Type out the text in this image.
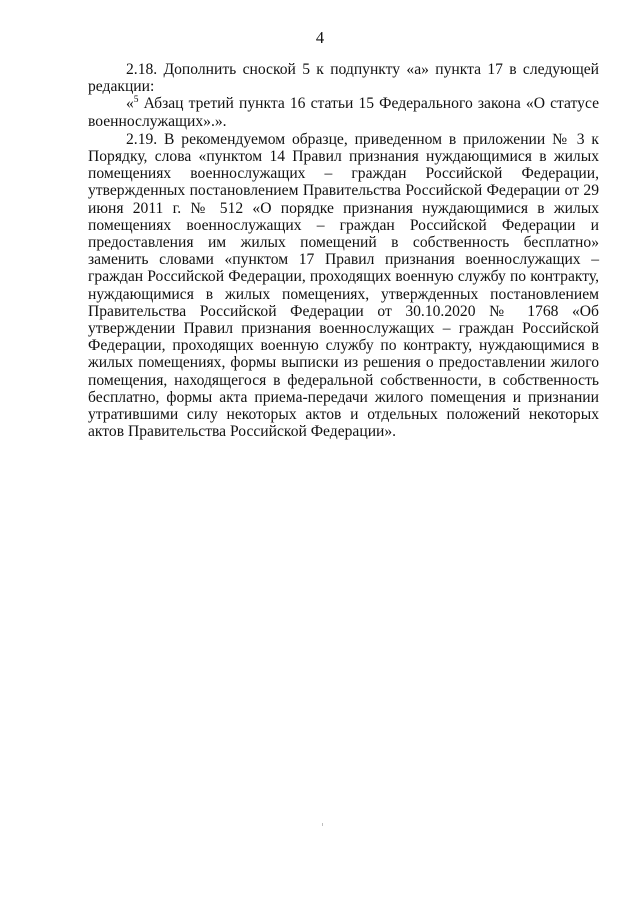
4

2.18. Дополнить сноской 5 к подпункту «а» пункта 17 в следующей редакции:

«$^5$ Абзац третий пункта 16 статьи 15 Федерального закона «О статусе военнослужащих».».

2.19. В рекомендуемом образце, приведенном в приложении № 3 к Порядку, слова «пунктом 14 Правил признания нуждающимися в жилых помещениях военнослужащих – граждан Российской Федерации, утвержденных постановлением Правительства Российской Федерации от 29 июня 2011 г. № 512 «О порядке признания нуждающимися в жилых помещениях военнослужащих – граждан Российской Федерации и предоставления им жилых помещений в собственность бесплатно» заменить словами «пунктом 17 Правил признания военнослужащих – граждан Российской Федерации, проходящих военную службу по контракту, нуждающимися в жилых помещениях, утвержденных постановлением Правительства Российской Федерации от 30.10.2020 № 1768 «Об утверждении Правил признания военнослужащих – граждан Российской Федерации, проходящих военную службу по контракту, нуждающимися в жилых помещениях, формы выписки из решения о предоставлении жилого помещения, находящегося в федеральной собственности, в собственность бесплатно, формы акта приема-передачи жилого помещения и признании утратившими силу некоторых актов и отдельных положений некоторых актов Правительства Российской Федерации».
